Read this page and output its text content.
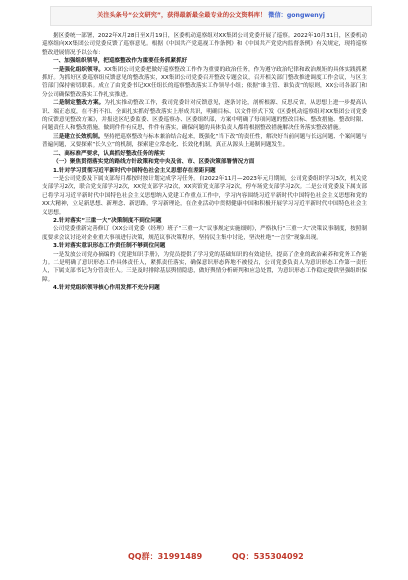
关注头条号“公文研究”，获得最新最全最专业的公文资料库！ 微信：gongwenyj

据区委统一部署，2022年X月28日至X月19日，区委机动巡察组对XX集团公司党委开展了巡察。2022年10月31日，区委机动巡察组向XX集团公司党委反馈了巡察意见。根据《中国共产党巡视工作条例》和《中国共产党党内监督条例》有关规定，现将巡察整改进展情况予以公布：

一、加强组织领导，把巡察整改作为重要任务抓紧抓好

一是强化组织领导。XX集团公司党委把做好巡察整改工作作为重要的政治任务，作为遵守政治纪律和政治规矩的具体实践抓紧抓好。为抓好区委巡察组反馈意见的整改落实，XX集团公司党委召开整改专题会议，召开相关部门整改推进调度工作会议，与区主管部门保持密切联系。成立了由党委书记XX任组长的巡察整改落实工作领导小组；依据“谁主管、谁负责”的原则，XX公司各部门和分公司确保整改落实工作扎实推进。

二是制定整改方案。为扎实推动整改工作，我司党委针对反馈意见，逐条讨论，剖析根源、反思反省，从思想上进一步提高认识、端正态度，在不折不扣、全面扎实抓好整改落实上形成共识，明确目标、以文件形式下发《区委机动巡察组对XX集团公司党委的反馈意见整改方案》，并报送区纪委监委、区委巡察办、区委组织部，方案中明确了每项问题的整改目标、整改措施、整改时限、问题责任人和整改措施，做到件件有反思，件件有落实，确保问题的具体负责人都将根据整改措施解决任务落实整改措施。

三是建立长效机制。坚持把巡察整改与标本兼治结合起来，既强化“当下改”的责任性，解决好当前问题与长远问题、个案问题与普遍问题，又要探索“长久立”的机制，探索建立常态化、长效化机制，真正从源头上遏制问题发生。

二、高标准严要求，认真抓好整改任务的落实

（一）聚焦贯彻落实党的路线方针政策和党中央及省、市、区委决策部署情况方面

1.针对学习贯彻习近平新时代中国特色社会主义思想存在差距问题

一是公司党委及下属支部每月都按时按计划完成学习任务。自2022年11月—2023年元月期间，公司党委组织学习3次，机关党支部学习2次，联合党支部学习2次，XX党支部学习2次，XX宾馆党支部学习2次，停车场党支部学习2次。二是公司党委及下属支部已将学习习近平新时代中国特色社会主义思想纳入党建工作重点工作中，学习内容围绕习近平新时代中国特色社会主义思想和党的XX大精神，立足新思想、新理念、新思路，学习新理论，在企业活动中贯彻健康中国和积极开展学习习近平新时代中国特色社会主义思想。

2.针对落实“三重一大”决策制度不到位问题

公司党委重新完善修订《XX公司党委（经理）班子“三重一大”议事规定实施细则》，严格执行“三重一大”决策议事制度，按照制度要求会议讨论对企业重大事项进行决策，规范议事决策程序，坚持民主集中讨论，坚决杜绝“一言堂”现象出现。

3.针对落实意识形态工作责任制不够到位问题

一是发放公司党办摘编的《党建知识手册》，为党员提供了学习党的基础知识的有效途径，提高了企业的政治素养和党务工作能力。二是明确了意识形态工作具体责任人，紧抓责任落实，确保意识形态阵地不被侵占，公司党委负责人为意识形态工作第一责任人，下属支部书记为分管责任人。三是及时排除基层舆情隐患，做好舆情分析研判和应急处置，为意识形态工作稳定提供坚强组织保障。

4.针对党组织领导核心作用发挥不充分问题

QQ群：31991489	QQ：535304092
